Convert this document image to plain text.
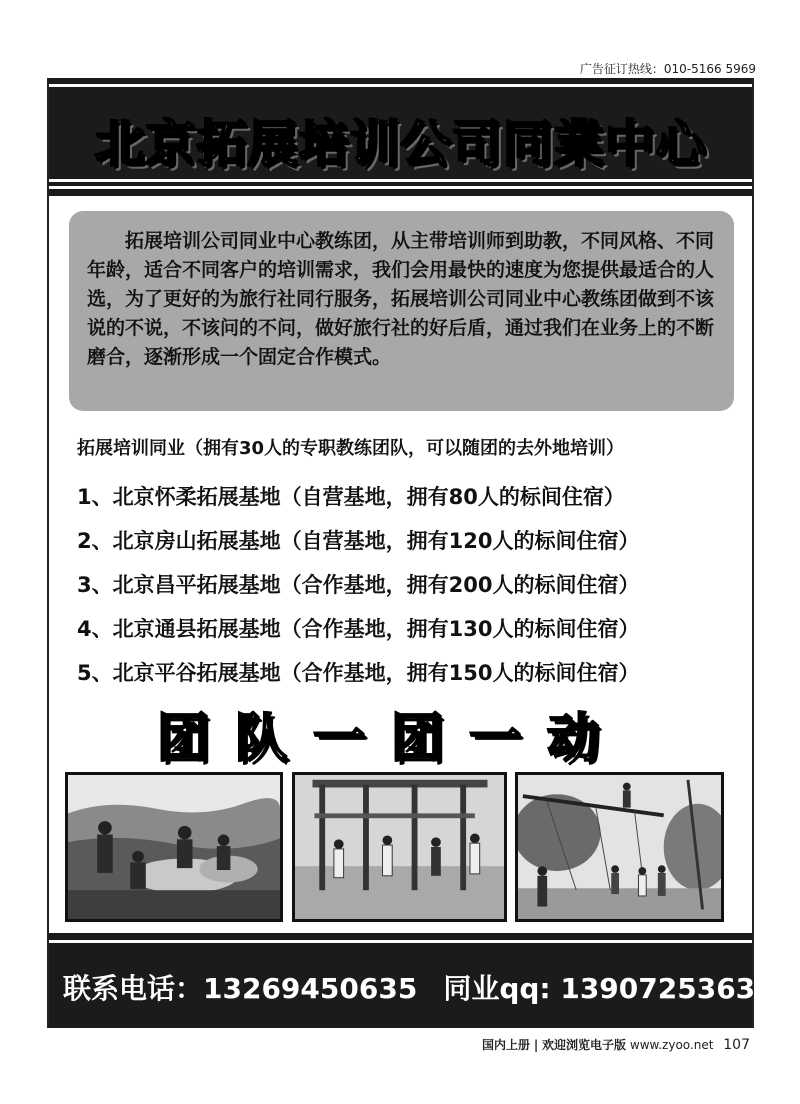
广告征订热线：010-5166 5969
北京拓展培训公司同業中心
拓展培训公司同业中心教练团，从主带培训师到助教，不同风格、不同年龄，适合不同客户的培训需求，我们会用最快的速度为您提供最适合的人选，为了更好的为旅行社同行服务，拓展培训公司同业中心教练团做到不该说的不说，不该问的不问，做好旅行社的好后盾，通过我们在业务上的不断磨合，逐渐形成一个固定合作模式。
拓展培训同业（拥有30人的专职教练团队，可以随团的去外地培训）
1、北京怀柔拓展基地（自营基地，拥有80人的标间住宿）
2、北京房山拓展基地（自营基地，拥有120人的标间住宿）
3、北京昌平拓展基地（合作基地，拥有200人的标间住宿）
4、北京通县拓展基地（合作基地，拥有130人的标间住宿）
5、北京平谷拓展基地（合作基地，拥有150人的标间住宿）
团队一团一动
联系电话：13269450635 同业qq: 1390725363
国内上册 | 欢迎浏览电子版 www.zyoo.net 107
